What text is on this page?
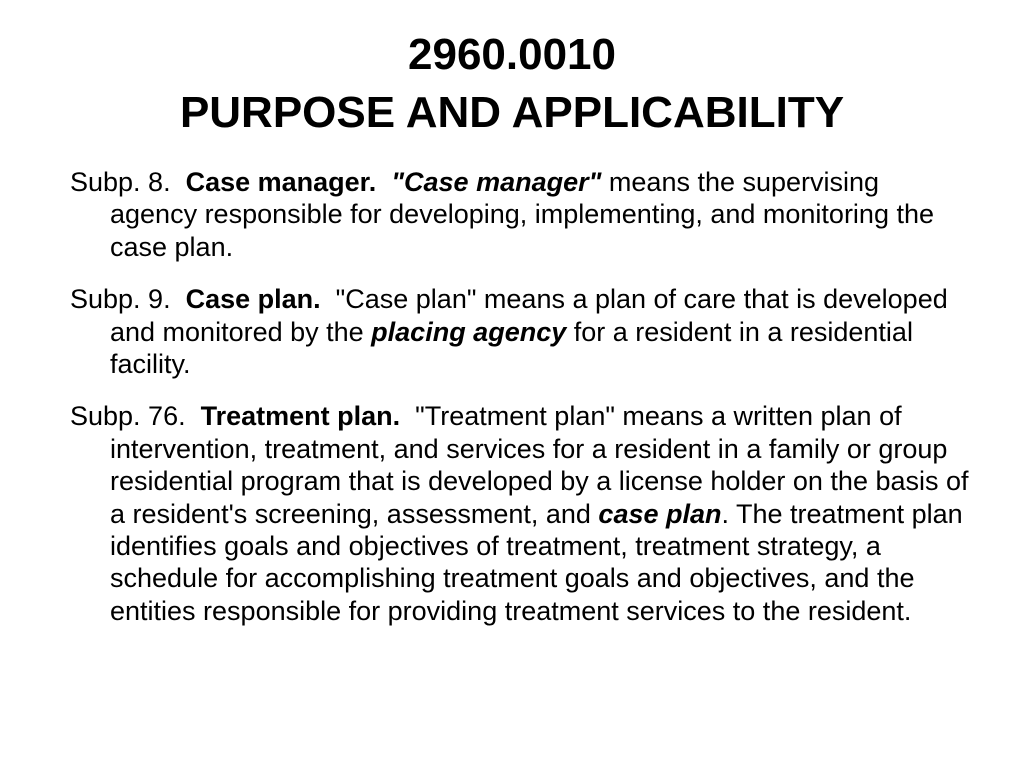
2960.0010
PURPOSE AND APPLICABILITY

Subp. 8. Case manager. "Case manager" means the supervising agency responsible for developing, implementing, and monitoring the case plan.

Subp. 9. Case plan. "Case plan" means a plan of care that is developed and monitored by the placing agency for a resident in a residential facility.

Subp. 76. Treatment plan. "Treatment plan" means a written plan of intervention, treatment, and services for a resident in a family or group residential program that is developed by a license holder on the basis of a resident's screening, assessment, and case plan. The treatment plan identifies goals and objectives of treatment, treatment strategy, a schedule for accomplishing treatment goals and objectives, and the entities responsible for providing treatment services to the resident.
